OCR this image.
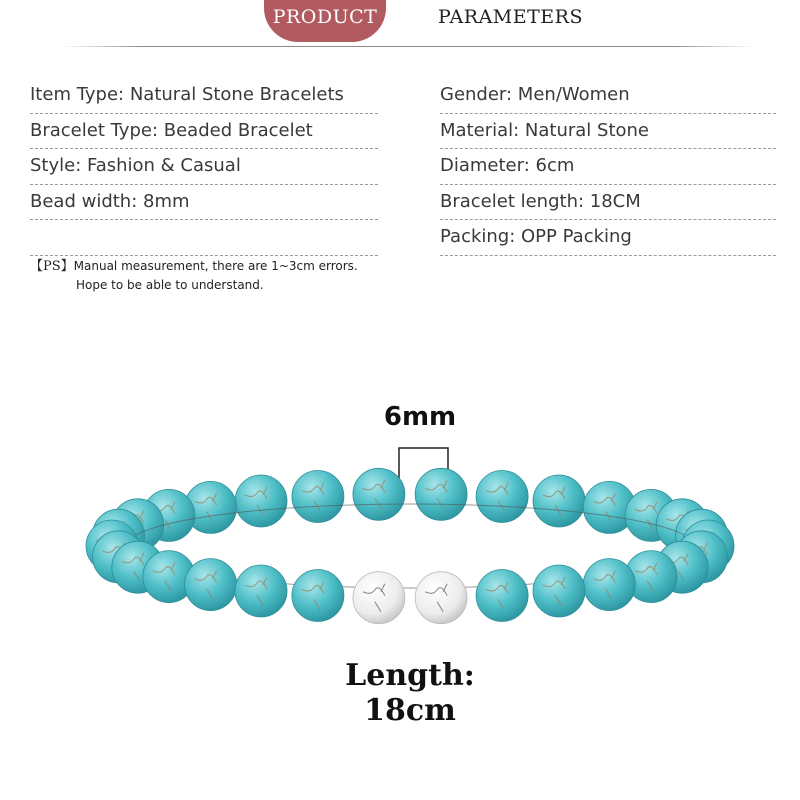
PRODUCT	PARAMETERS
Item Type: Natural Stone Bracelets
Bracelet Type: Beaded Bracelet
Style: Fashion & Casual
Bead width: 8mm
Gender: Men/Women
Material: Natural Stone
Diameter: 6cm
Bracelet length: 18CM
Packing: OPP Packing
【PS】Manual measurement, there are 1~3cm errors.
Hope to be able to understand.
6mm
Length: 18cm
